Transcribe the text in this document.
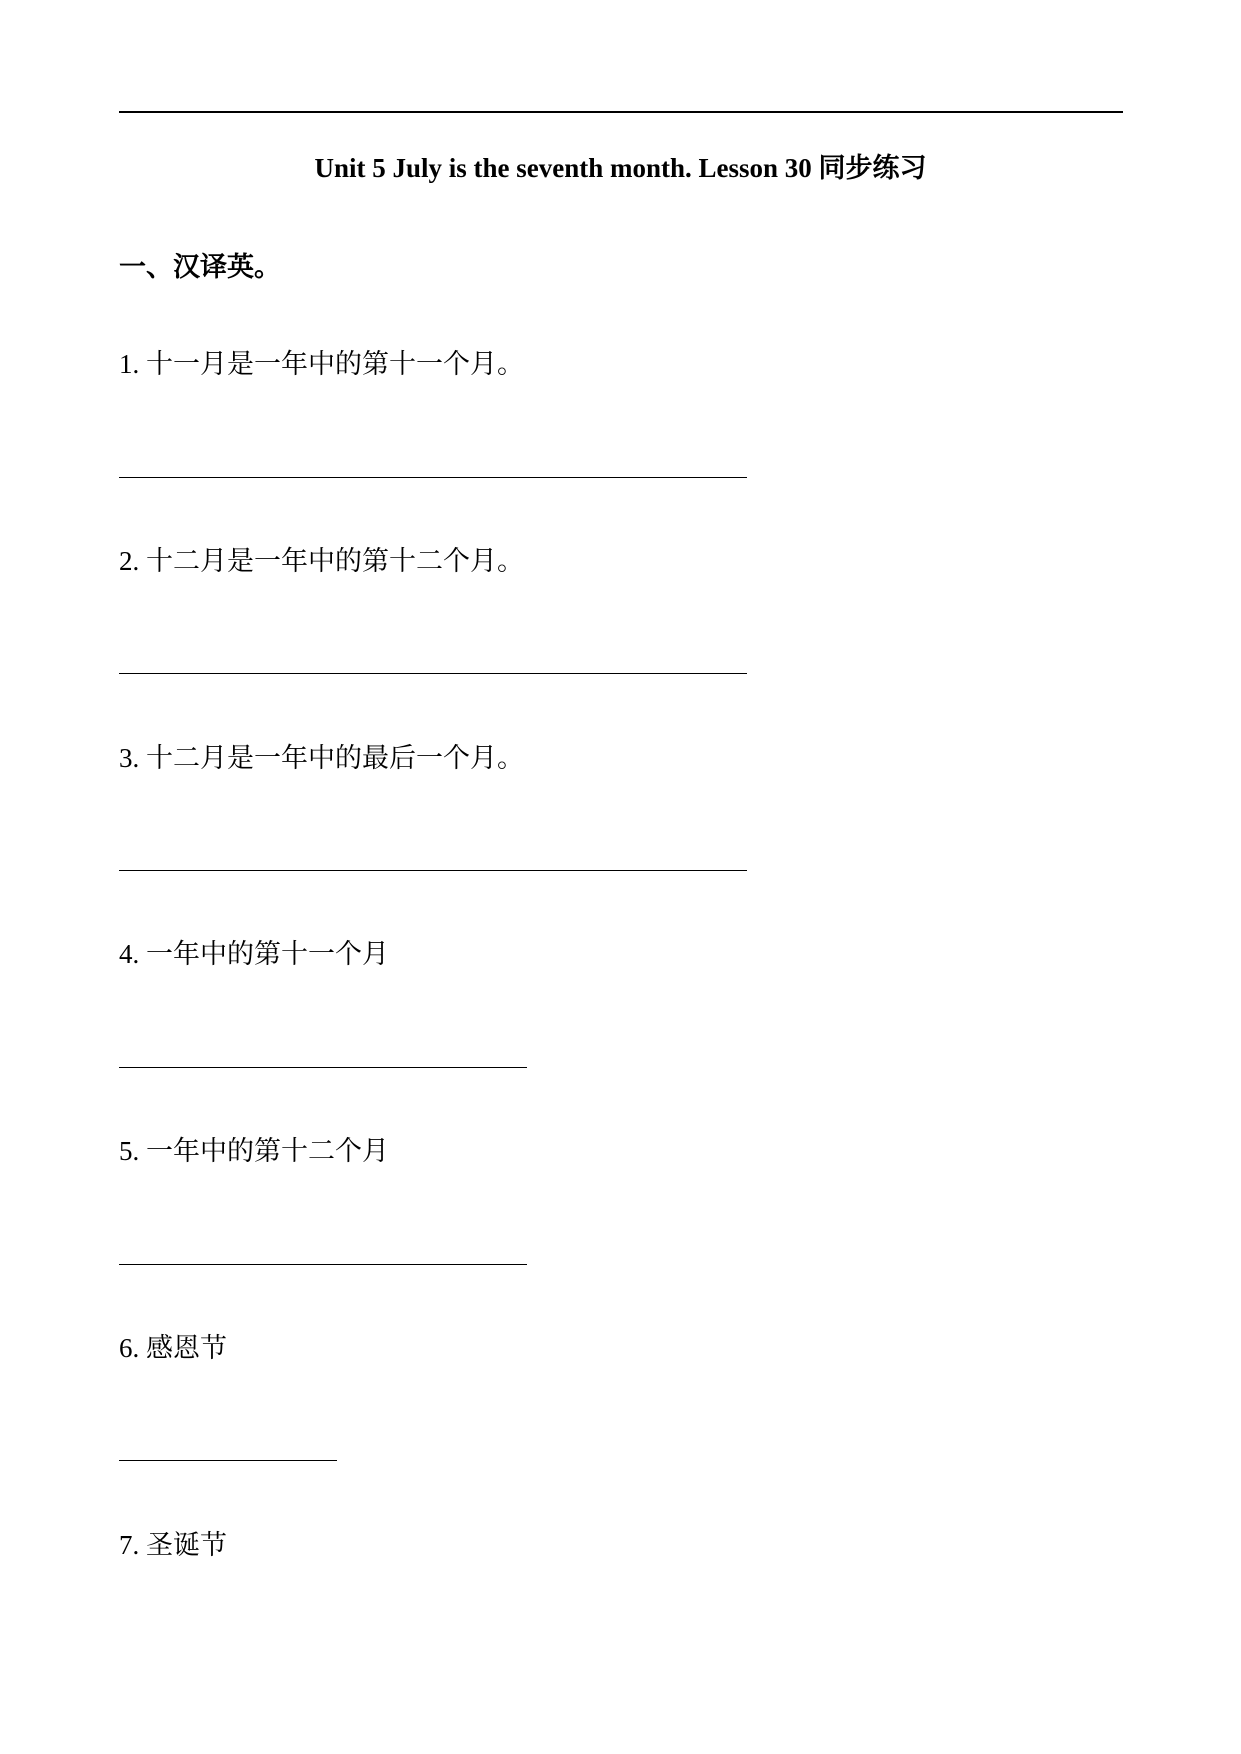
Unit 5 July is the seventh month. Lesson 30 同步练习
一、汉译英。
1. 十一月是一年中的第十一个月。
2. 十二月是一年中的第十二个月。
3. 十二月是一年中的最后一个月。
4. 一年中的第十一个月
5. 一年中的第十二个月
6. 感恩节
7. 圣诞节
